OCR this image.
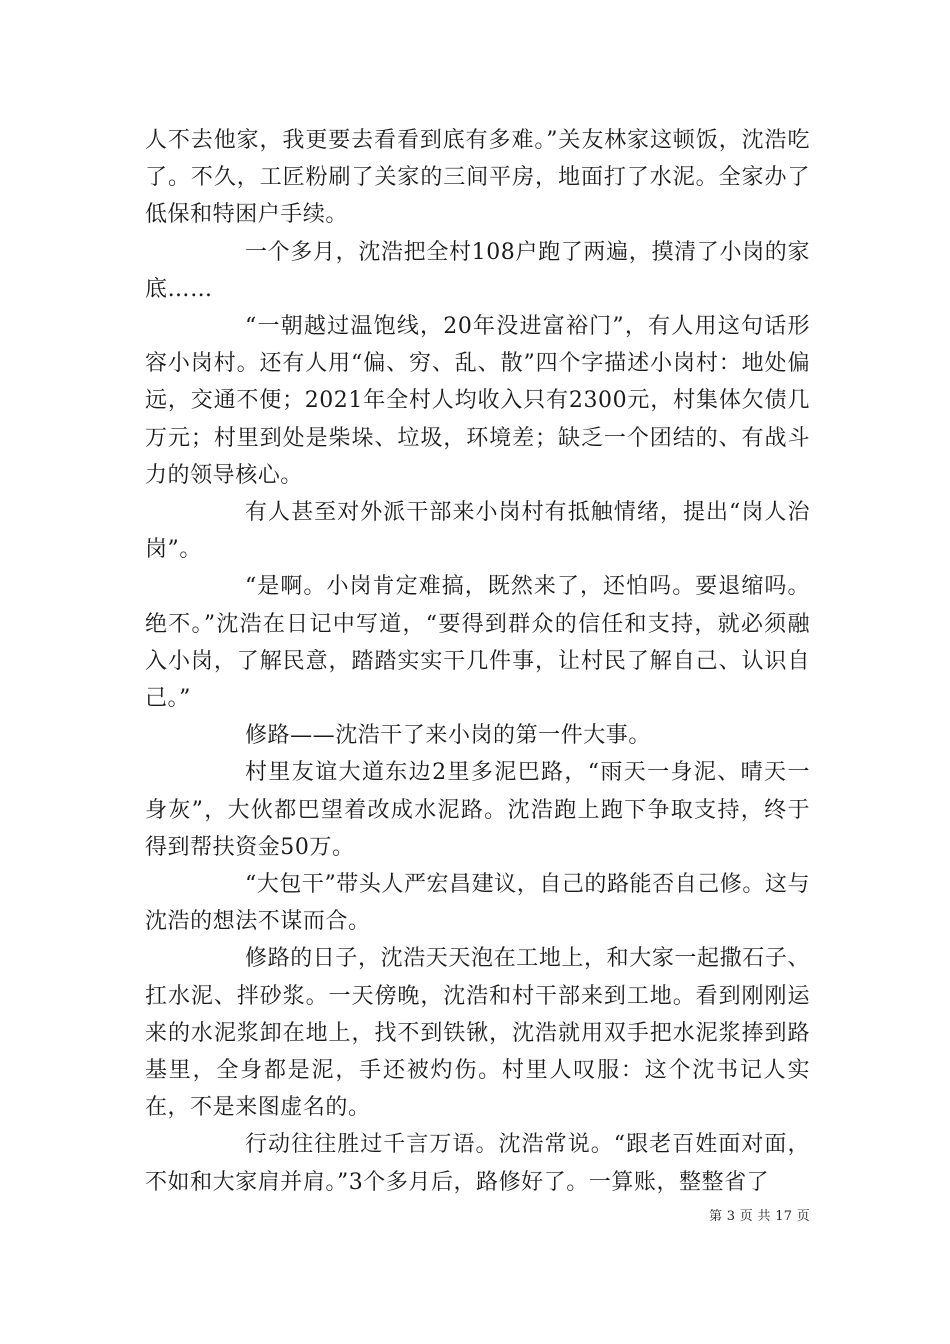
人不去他家，我更要去看看到底有多难。”关友林家这顿饭，沈浩吃了。不久，工匠粉刷了关家的三间平房，地面打了水泥。全家办了低保和特困户手续。

一个多月，沈浩把全村108户跑了两遍，摸清了小岗的家底……

“一朝越过温饱线，20年没进富裕门”，有人用这句话形容小岗村。还有人用“偏、穷、乱、散”四个字描述小岗村：地处偏远，交通不便；2021年全村人均收入只有2300元，村集体欠债几万元；村里到处是柴垛、垃圾，环境差；缺乏一个团结的、有战斗力的领导核心。

有人甚至对外派干部来小岗村有抵触情绪，提出“岗人治岗”。

“是啊。小岗肯定难搞，既然来了，还怕吗。要退缩吗。绝不。”沈浩在日记中写道，“要得到群众的信任和支持，就必须融入小岗，了解民意，踏踏实实干几件事，让村民了解自己、认识自己。”

修路——沈浩干了来小岗的第一件大事。

村里友谊大道东边2里多泥巴路，“雨天一身泥、晴天一身灰”，大伙都巴望着改成水泥路。沈浩跑上跑下争取支持，终于得到帮扶资金50万。

“大包干”带头人严宏昌建议，自己的路能否自己修。这与沈浩的想法不谋而合。

修路的日子，沈浩天天泡在工地上，和大家一起撒石子、扛水泥、拌砂浆。一天傍晚，沈浩和村干部来到工地。看到刚刚运来的水泥浆卸在地上，找不到铁锹，沈浩就用双手把水泥浆捧到路基里，全身都是泥，手还被灼伤。村里人叹服：这个沈书记人实在，不是来图虚名的。

行动往往胜过千言万语。沈浩常说。“跟老百姓面对面，不如和大家肩并肩。”3个多月后，路修好了。一算账，整整省了

第 3 页 共 17 页
